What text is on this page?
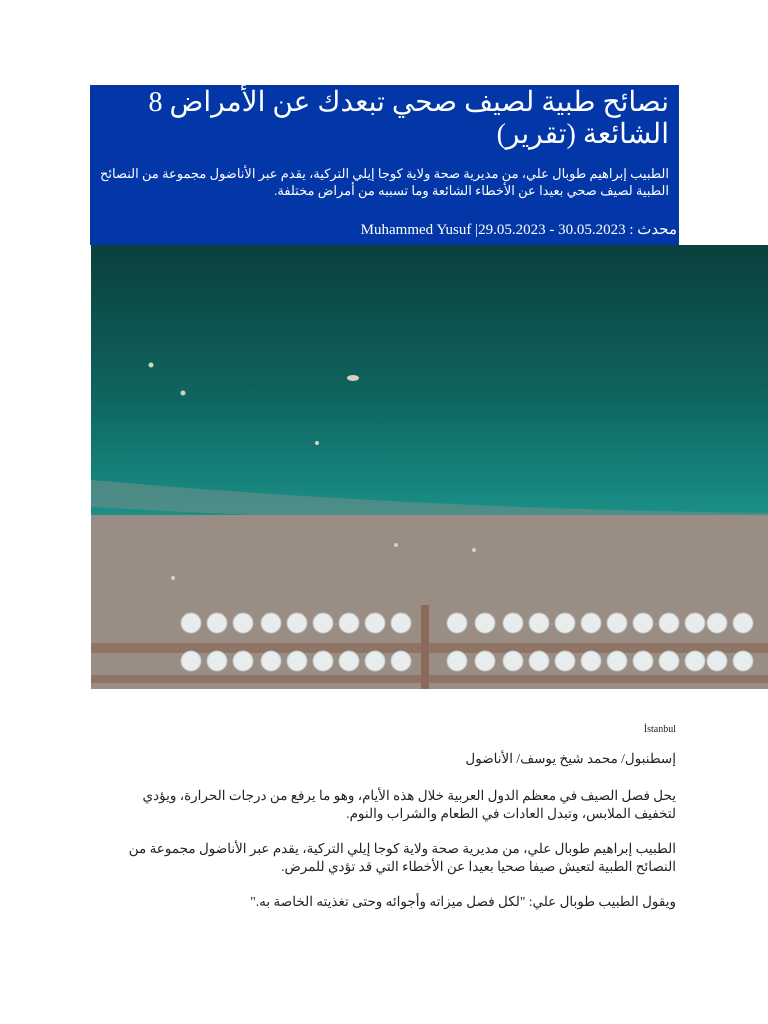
نصائح طبية لصيف صحي تبعدك عن الأمراض 8 الشائعة (تقرير)
الطبيب إبراهيم طوبال علي، من مديرية صحة ولاية كوجا إيلي التركية، يقدم عبر الأناضول مجموعة من النصائح الطبية لصيف صحي بعيدا عن الأخطاء الشائعة وما تسببه من أمراض مختلفة.
Muhammed Yusuf |29.05.2023 - 30.05.2023 : محدث
İstanbul
إسطنبول/ محمد شيخ يوسف/ الأناضول
يحل فصل الصيف في معظم الدول العربية خلال هذه الأيام، وهو ما يرفع من درجات الحرارة، ويؤدي لتخفيف الملابس، وتبدل العادات في الطعام والشراب والنوم.
الطبيب إبراهيم طوبال علي، من مديرية صحة ولاية كوجا إيلي التركية، يقدم عبر الأناضول مجموعة من النصائح الطبية لتعيش صيفا صحيا بعيدا عن الأخطاء التي قد تؤدي للمرض.
ويقول الطبيب طوبال علي: "لكل فصل ميزاته وأجوائه وحتى تغذيته الخاصة به."
